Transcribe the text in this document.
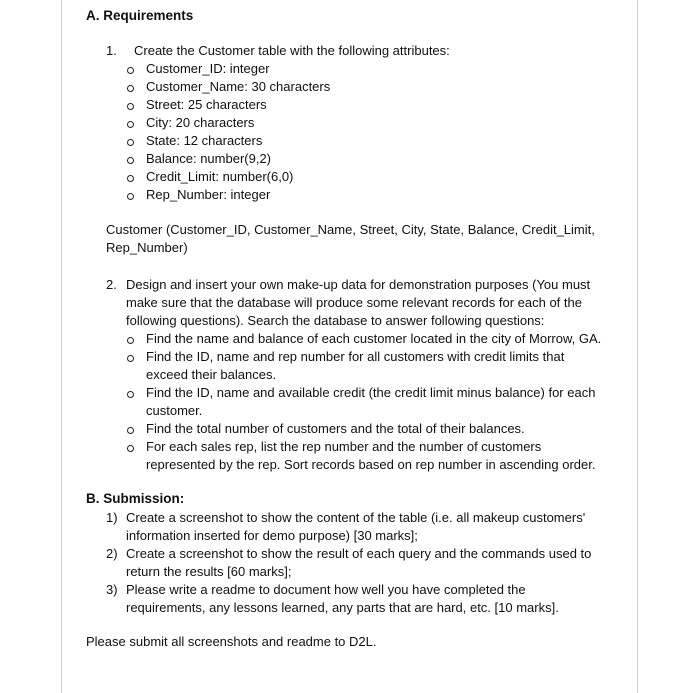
A. Requirements
1. Create the Customer table with the following attributes:
Customer_ID: integer
Customer_Name: 30 characters
Street: 25 characters
City: 20 characters
State: 12 characters
Balance: number(9,2)
Credit_Limit: number(6,0)
Rep_Number: integer
Customer (Customer_ID, Customer_Name, Street, City, State, Balance, Credit_Limit,
Rep_Number)
2. Design and insert your own make-up data for demonstration purposes (You must
make sure that the database will produce some relevant records for each of the
following questions). Search the database to answer following questions:
Find the name and balance of each customer located in the city of Morrow, GA.
Find the ID, name and rep number for all customers with credit limits that
exceed their balances.
Find the ID, name and available credit (the credit limit minus balance) for each
customer.
Find the total number of customers and the total of their balances.
For each sales rep, list the rep number and the number of customers
represented by the rep. Sort records based on rep number in ascending order.
B. Submission:
1) Create a screenshot to show the content of the table (i.e. all makeup customers'
information inserted for demo purpose) [30 marks];
2) Create a screenshot to show the result of each query and the commands used to
return the results [60 marks];
3) Please write a readme to document how well you have completed the
requirements, any lessons learned, any parts that are hard, etc. [10 marks].
Please submit all screenshots and readme to D2L.
